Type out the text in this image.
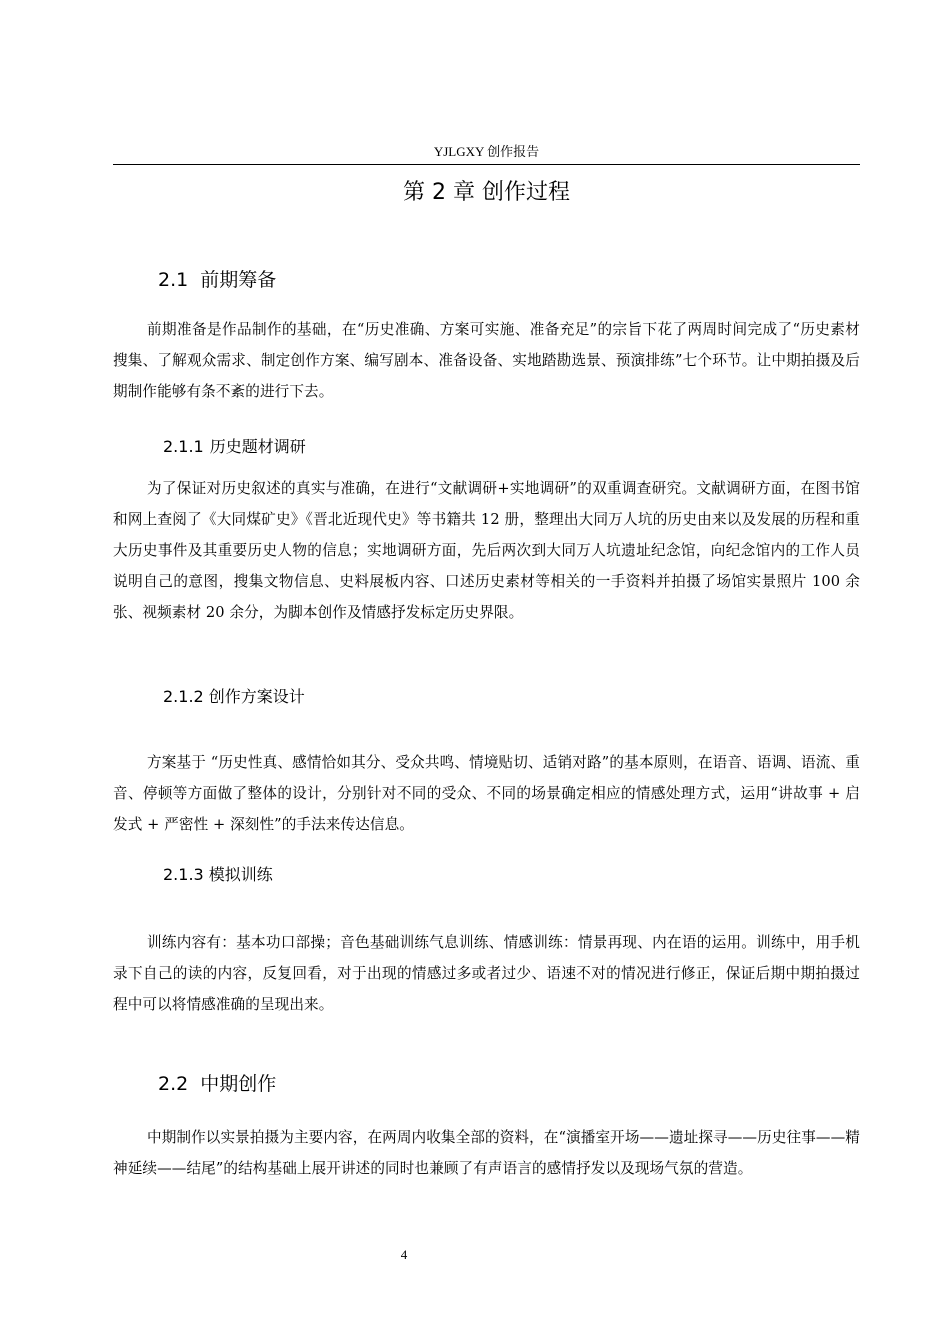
YJLGXY 创作报告
第 2 章 创作过程
2.1 前期筹备
前期准备是作品制作的基础，在“历史准确、方案可实施、准备充足”的宗旨下花了两周时间完成了“历史素材搜集、了解观众需求、制定创作方案、编写剧本、准备设备、实地踏勘选景、预演排练”七个环节。让中期拍摄及后期制作能够有条不紊的进行下去。
2.1.1 历史题材调研
为了保证对历史叙述的真实与准确，在进行“文献调研+实地调研”的双重调查研究。文献调研方面，在图书馆和网上查阅了《大同煤矿史》《晋北近现代史》等书籍共 12 册，整理出大同万人坑的历史由来以及发展的历程和重大历史事件及其重要历史人物的信息；实地调研方面，先后两次到大同万人坑遗址纪念馆，向纪念馆内的工作人员说明自己的意图，搜集文物信息、史料展板内容、口述历史素材等相关的一手资料并拍摄了场馆实景照片 100 余张、视频素材 20 余分，为脚本创作及情感抒发标定历史界限。
2.1.2 创作方案设计
方案基于 “历史性真、感情恰如其分、受众共鸣、情境贴切、适销对路”的基本原则，在语音、语调、语流、重音、停顿等方面做了整体的设计，分别针对不同的受众、不同的场景确定相应的情感处理方式，运用“讲故事 + 启发式 + 严密性 + 深刻性”的手法来传达信息。
2.1.3 模拟训练
训练内容有：基本功口部操；音色基础训练气息训练、情感训练：情景再现、内在语的运用。训练中，用手机录下自己的读的内容，反复回看，对于出现的情感过多或者过少、语速不对的情况进行修正，保证后期中期拍摄过程中可以将情感准确的呈现出来。
2.2 中期创作
中期制作以实景拍摄为主要内容，在两周内收集全部的资料，在“演播室开场——遗址探寻——历史往事——精神延续——结尾”的结构基础上展开讲述的同时也兼顾了有声语言的感情抒发以及现场气氛的营造。
4
